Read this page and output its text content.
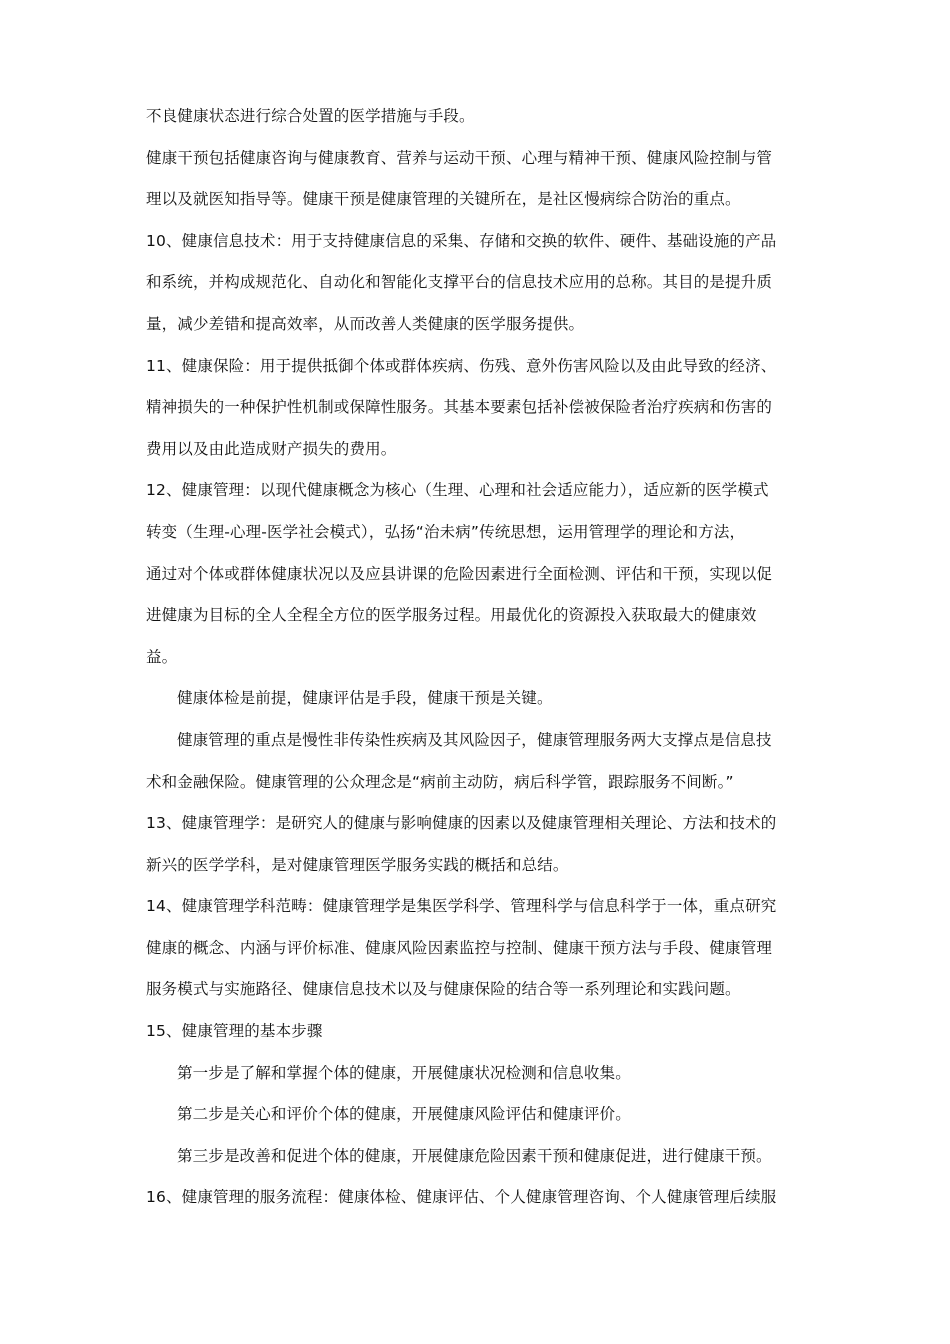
不良健康状态进行综合处置的医学措施与手段。
健康干预包括健康咨询与健康教育、营养与运动干预、心理与精神干预、健康风险控制与管
理以及就医知指导等。健康干预是健康管理的关键所在，是社区慢病综合防治的重点。
10、健康信息技术：用于支持健康信息的采集、存储和交换的软件、硬件、基础设施的产品
和系统，并构成规范化、自动化和智能化支撑平台的信息技术应用的总称。其目的是提升质
量，减少差错和提高效率，从而改善人类健康的医学服务提供。
11、健康保险：用于提供抵御个体或群体疾病、伤残、意外伤害风险以及由此导致的经济、
精神损失的一种保护性机制或保障性服务。其基本要素包括补偿被保险者治疗疾病和伤害的
费用以及由此造成财产损失的费用。
12、健康管理：以现代健康概念为核心（生理、心理和社会适应能力），适应新的医学模式
转变（生理-心理-医学社会模式），弘扬“治未病”传统思想，运用管理学的理论和方法，
通过对个体或群体健康状况以及应县讲课的危险因素进行全面检测、评估和干预，实现以促
进健康为目标的全人全程全方位的医学服务过程。用最优化的资源投入获取最大的健康效
益。
健康体检是前提，健康评估是手段，健康干预是关键。
健康管理的重点是慢性非传染性疾病及其风险因子，健康管理服务两大支撑点是信息技
术和金融保险。健康管理的公众理念是“病前主动防，病后科学管，跟踪服务不间断。”
13、健康管理学：是研究人的健康与影响健康的因素以及健康管理相关理论、方法和技术的
新兴的医学学科，是对健康管理医学服务实践的概括和总结。
14、健康管理学科范畴：健康管理学是集医学科学、管理科学与信息科学于一体，重点研究
健康的概念、内涵与评价标准、健康风险因素监控与控制、健康干预方法与手段、健康管理
服务模式与实施路径、健康信息技术以及与健康保险的结合等一系列理论和实践问题。
15、健康管理的基本步骤
第一步是了解和掌握个体的健康，开展健康状况检测和信息收集。
第二步是关心和评价个体的健康，开展健康风险评估和健康评价。
第三步是改善和促进个体的健康，开展健康危险因素干预和健康促进，进行健康干预。
16、健康管理的服务流程：健康体检、健康评估、个人健康管理咨询、个人健康管理后续服
